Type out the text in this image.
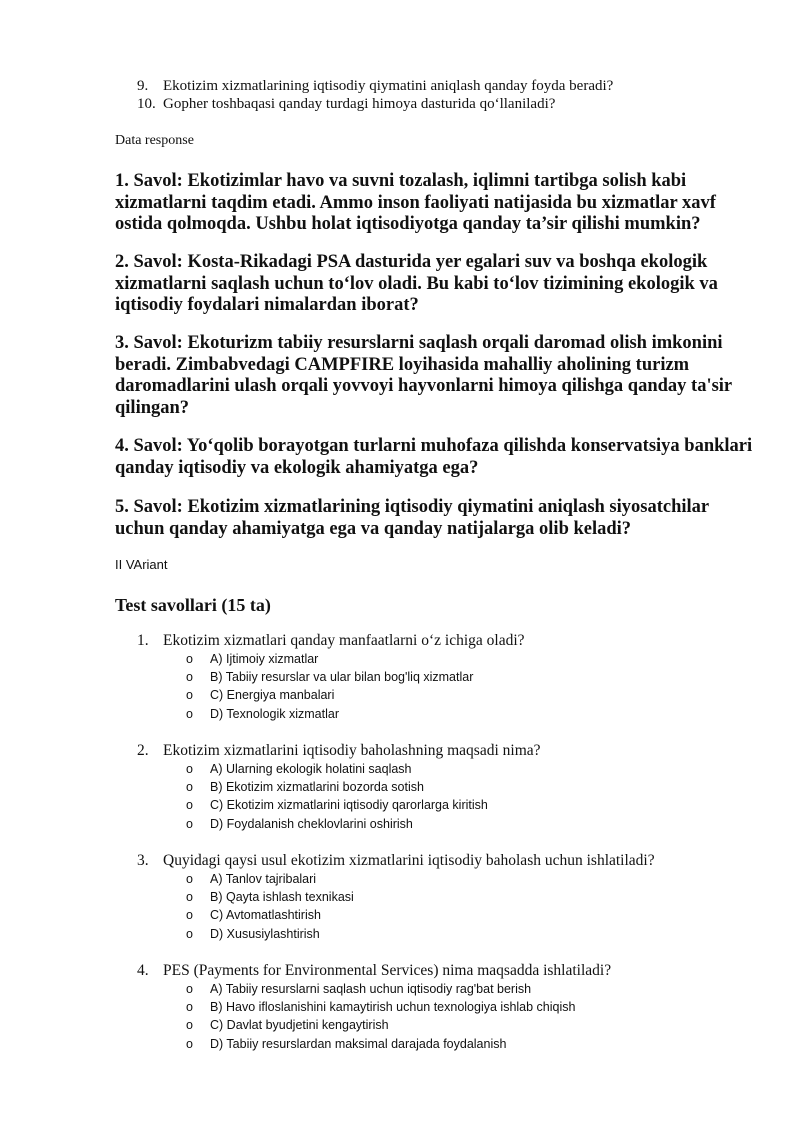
9. Ekotizim xizmatlarining iqtisodiy qiymatini aniqlash qanday foyda beradi?
10. Gopher toshbaqasi qanday turdagi himoya dasturida qo‘llaniladi?
Data response
1. Savol: Ekotizimlar havo va suvni tozalash, iqlimni tartibga solish kabi xizmatlarni taqdim etadi. Ammo inson faoliyati natijasida bu xizmatlar xavf ostida qolmoqda. Ushbu holat iqtisodiyotga qanday ta’sir qilishi mumkin?
2. Savol: Kosta-Rikadagi PSA dasturida yer egalari suv va boshqa ekologik xizmatlarni saqlash uchun to‘lov oladi. Bu kabi to‘lov tizimining ekologik va iqtisodiy foydalari nimalardan iborat?
3. Savol: Ekoturizm tabiiy resurslarni saqlash orqali daromad olish imkonini beradi. Zimbabvedagi CAMPFIRE loyihasida mahalliy aholining turizm daromadlarini ulash orqali yovvoyi hayvonlarni himoya qilishga qanday ta'sir qilingan?
4. Savol: Yo‘qolib borayotgan turlarni muhofaza qilishda konservatsiya banklari qanday iqtisodiy va ekologik ahamiyatga ega?
5. Savol: Ekotizim xizmatlarining iqtisodiy qiymatini aniqlash siyosatchilar uchun qanday ahamiyatga ega va qanday natijalarga olib keladi?
II VAriant
Test savollari (15 ta)
1. Ekotizim xizmatlari qanday manfaatlarni o‘z ichiga oladi?
o	A) Ijtimoiy xizmatlar
o	B) Tabiiy resurslar va ular bilan bog'liq xizmatlar
o	C) Energiya manbalari
o	D) Texnologik xizmatlar
2. Ekotizim xizmatlarini iqtisodiy baholashning maqsadi nima?
o	A) Ularning ekologik holatini saqlash
o	B) Ekotizim xizmatlarini bozorda sotish
o	C) Ekotizim xizmatlarini iqtisodiy qarorlarga kiritish
o	D) Foydalanish cheklovlarini oshirish
3. Quyidagi qaysi usul ekotizim xizmatlarini iqtisodiy baholash uchun ishlatiladi?
o	A) Tanlov tajribalari
o	B) Qayta ishlash texnikasi
o	C) Avtomatlashtirish
o	D) Xususiylashtirish
4. PES (Payments for Environmental Services) nima maqsadda ishlatiladi?
o	A) Tabiiy resurslarni saqlash uchun iqtisodiy rag'bat berish
o	B) Havo ifloslanishini kamaytirish uchun texnologiya ishlab chiqish
o	C) Davlat byudjetini kengaytirish
o	D) Tabiiy resurslardan maksimal darajada foydalanish
